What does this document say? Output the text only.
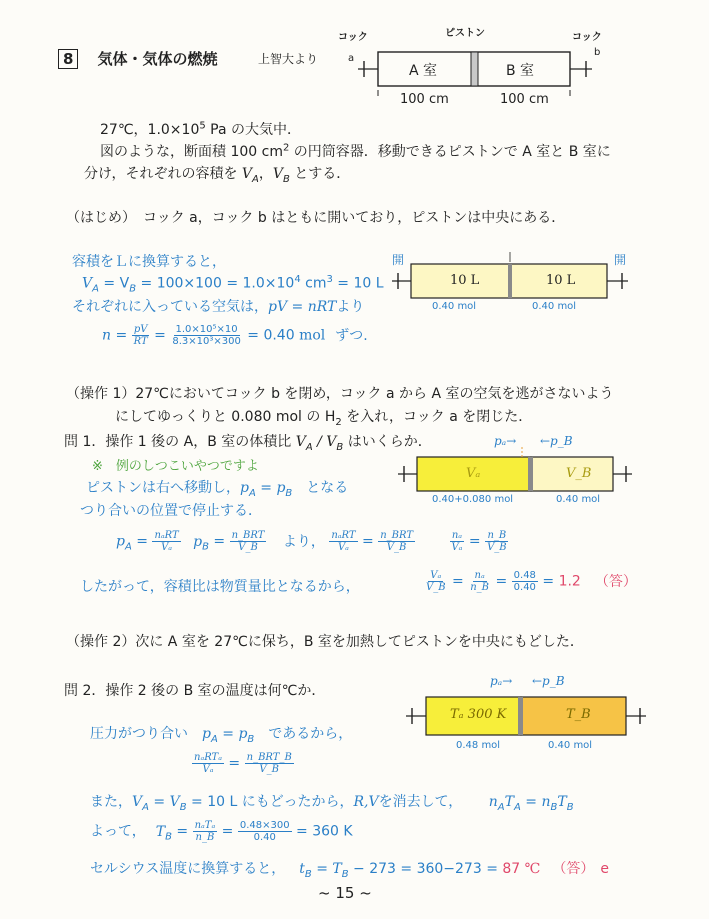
8 気体・気体の燃焼	上智大より
コック	ピストン	コック
a
b
A 室	B 室
100 cm	100 cm
27℃，$1.0\times 10^5$ Pa の大気中．
図のような，断面積 100 $cm^2$ の円筒容器．移動できるピストンで A 室と B 室に
分け，それぞれの容積を $V_A$，$V_B$ とする．
（はじめ）　コック a，コック b はともに開いており，ピストンは中央にある．
容積をＬに換算すると，
$V_A = V_B = 100\times 100 = 1.0\times 10^4$ $cm^3 = 10$ L
それぞれに入っている空気は，pV = nRTより
$n = \frac{pV}{RT} = \frac{\text{1.0×10⁵×10}}{\text{8.3×10³×300}} = 0.40$ mol ずつ.
開	開
10 L	10 L
0.40 mol	0.40 mol
（操作 1）27℃においてコック b を閉め，コック a から A 室の空気を逃がさないよう
にしてゆっくりと 0.080 mol の $H_2$ を入れ，コック a を閉じた．
問 1．操作 1 後の A，B 室の体積比 $V_A / V_B$ はいくらか．
※　例のしつこいやつですよ
ピストンは右へ移動し，$p_A = p_B$　となる
つり合いの位置で停止する．
$p_A = \frac{\text{nₐRT}}{\text{Vₐ}} p_B = \frac{\text{n\_BRT}}{V\_B}$ より， $\frac{\text{nₐRT}}{\text{Vₐ}} = \frac{\text{n\_BRT}}{V\_B}$
	$\frac{\text{nₐ}}{\text{Vₐ}} = \frac{n\_B}{V\_B}$
したがって，容積比は物質量比となるから，	$\frac{\text{Vₐ}}{V\_B} = \frac{\text{nₐ}}{n\_B} = \frac{0.48}{0.40} = 1.2$ （答）
pₐ→ ←p_B
Vₐ	V_B
0.40+0.080 mol	0.40 mol
（操作 2）次に A 室を 27℃に保ち，B 室を加熱してピストンを中央にもどした．
問 2．操作 2 後の B 室の温度は何℃か．
圧力がつり合い　$p_A = p_B$　であるから，
$\frac{\text{nₐRTₐ}}{\text{Vₐ}} = \frac{\text{n\_BRT\_B}}{V\_B}$
また，$V_A = V_B = 10$ L にもどったから，R,Vを消去して， $n_AT_A = n_BT_B$
よって， $T_B = \frac{\text{nₐTₐ}}{n\_B} = \frac{0.48\times 300}{0.40} = 360$ K
セルシウス温度に換算すると， $t_B = T_B - 273 = 360-273 = 87$ ℃ （答） e
pₐ→ ←p_B
Tₐ 300 K	T_B
0.48 mol	0.40 mol
~ 15 ~
